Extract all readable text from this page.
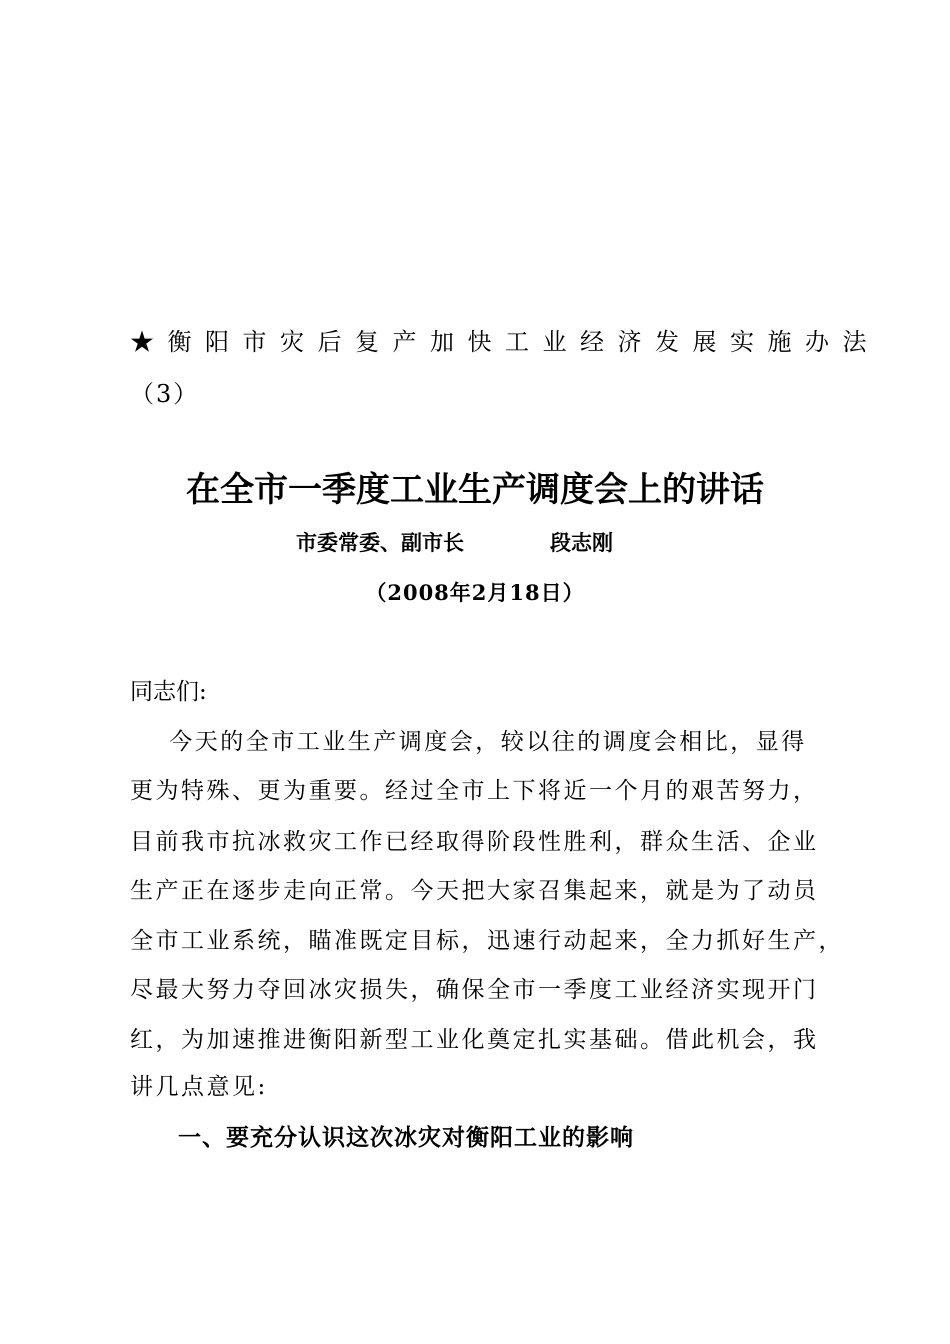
★衡阳市灾后复产加快工业经济发展实施办法
（3）
在全市一季度工业生产调度会上的讲话
市委常委、副市长	段志刚
（2008年2月18日）
同志们:
今天的全市工业生产调度会，较以往的调度会相比，显得
更为特殊、更为重要。经过全市上下将近一个月的艰苦努力，
目前我市抗冰救灾工作已经取得阶段性胜利，群众生活、企业
生产正在逐步走向正常。今天把大家召集起来，就是为了动员
全市工业系统，瞄准既定目标，迅速行动起来，全力抓好生产，
尽最大努力夺回冰灾损失，确保全市一季度工业经济实现开门
红，为加速推进衡阳新型工业化奠定扎实基础。借此机会，我
讲几点意见:
一、要充分认识这次冰灾对衡阳工业的影响
